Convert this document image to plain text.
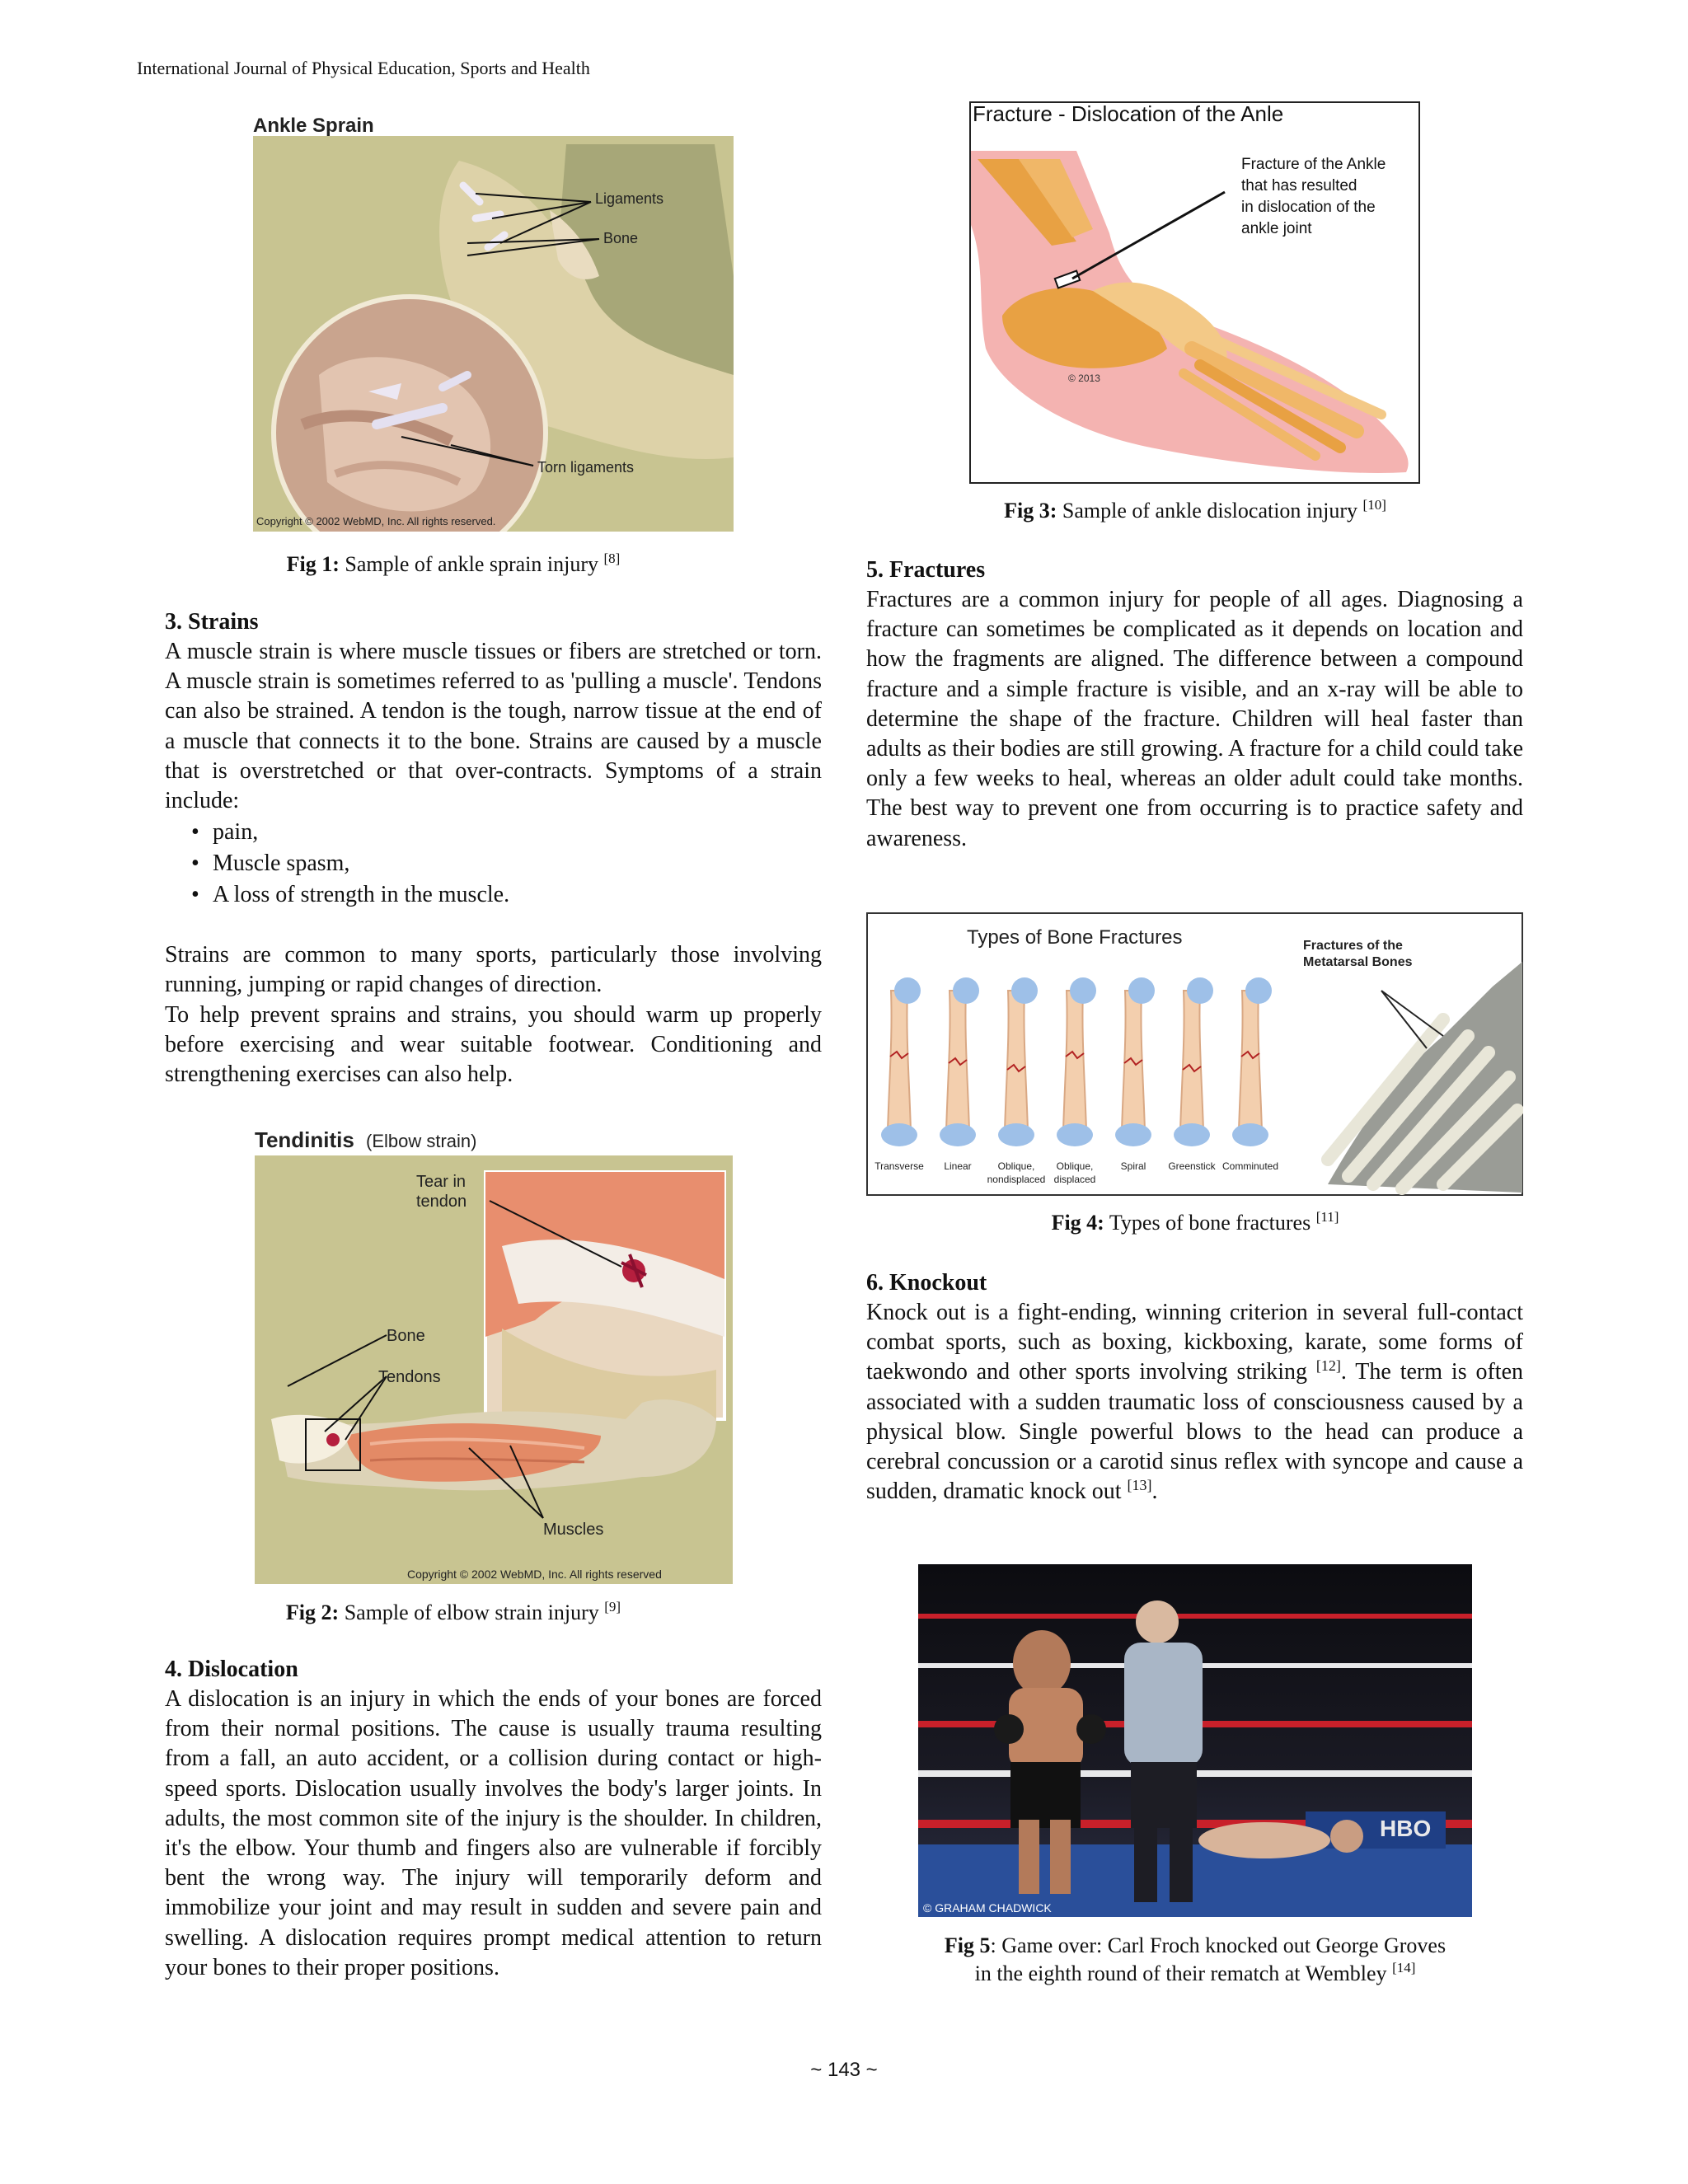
International Journal of Physical Education, Sports and Health
Ankle Sprain
Ligaments
Bone
Torn ligaments
Copyright © 2002 WebMD, Inc. All rights reserved.
Fig 1: Sample of ankle sprain injury [8]
3. Strains
A muscle strain is where muscle tissues or fibers are stretched or torn. A muscle strain is sometimes referred to as 'pulling a muscle'. Tendons can also be strained. A tendon is the tough, narrow tissue at the end of a muscle that connects it to the bone. Strains are caused by a muscle that is overstretched or that over-contracts. Symptoms of a strain include:
• pain,
• Muscle spasm,
• A loss of strength in the muscle.
Strains are common to many sports, particularly those involving running, jumping or rapid changes of direction.
To help prevent sprains and strains, you should warm up properly before exercising and wear suitable footwear. Conditioning and strengthening exercises can also help.
Tendinitis (Elbow strain)
Tear in
tendon
Bone
Tendons
Muscles
Copyright © 2002 WebMD, Inc. All rights reserved
Fig 2: Sample of elbow strain injury [9]
4. Dislocation
A dislocation is an injury in which the ends of your bones are forced from their normal positions. The cause is usually trauma resulting from a fall, an auto accident, or a collision during contact or high-speed sports. Dislocation usually involves the body's larger joints. In adults, the most common site of the injury is the shoulder. In children, it's the elbow. Your thumb and fingers also are vulnerable if forcibly bent the wrong way. The injury will temporarily deform and immobilize your joint and may result in sudden and severe pain and swelling. A dislocation requires prompt medical attention to return your bones to their proper positions.
Fracture - Dislocation of the Anle
Fracture of the Ankle
that has resulted
in dislocation of the
ankle joint
© 2013
Fig 3: Sample of ankle dislocation injury [10]
5. Fractures
Fractures are a common injury for people of all ages. Diagnosing a fracture can sometimes be complicated as it depends on location and how the fragments are aligned. The difference between a compound fracture and a simple fracture is visible, and an x-ray will be able to determine the shape of the fracture. Children will heal faster than adults as their bodies are still growing. A fracture for a child could take only a few weeks to heal, whereas an older adult could take months. The best way to prevent one from occurring is to practice safety and awareness.
Types of Bone Fractures	Fractures of the
Metatarsal Bones
Transverse Linear	Oblique,
nondisplaced
Oblique,
displaced
Spiral Greenstick Comminuted
Fig 4: Types of bone fractures [11]
6. Knockout
Knock out is a fight-ending, winning criterion in several full-contact combat sports, such as boxing, kickboxing, karate, some forms of taekwondo and other sports involving striking [12]. The term is often associated with a sudden traumatic loss of consciousness caused by a physical blow. Single powerful blows to the head can produce a cerebral concussion or a carotid sinus reflex with syncope and cause a sudden, dramatic knock out [13].
HBO
© GRAHAM CHADWICK
Fig 5: Game over: Carl Froch knocked out George Groves
in the eighth round of their rematch at Wembley [14]
~ 143 ~
